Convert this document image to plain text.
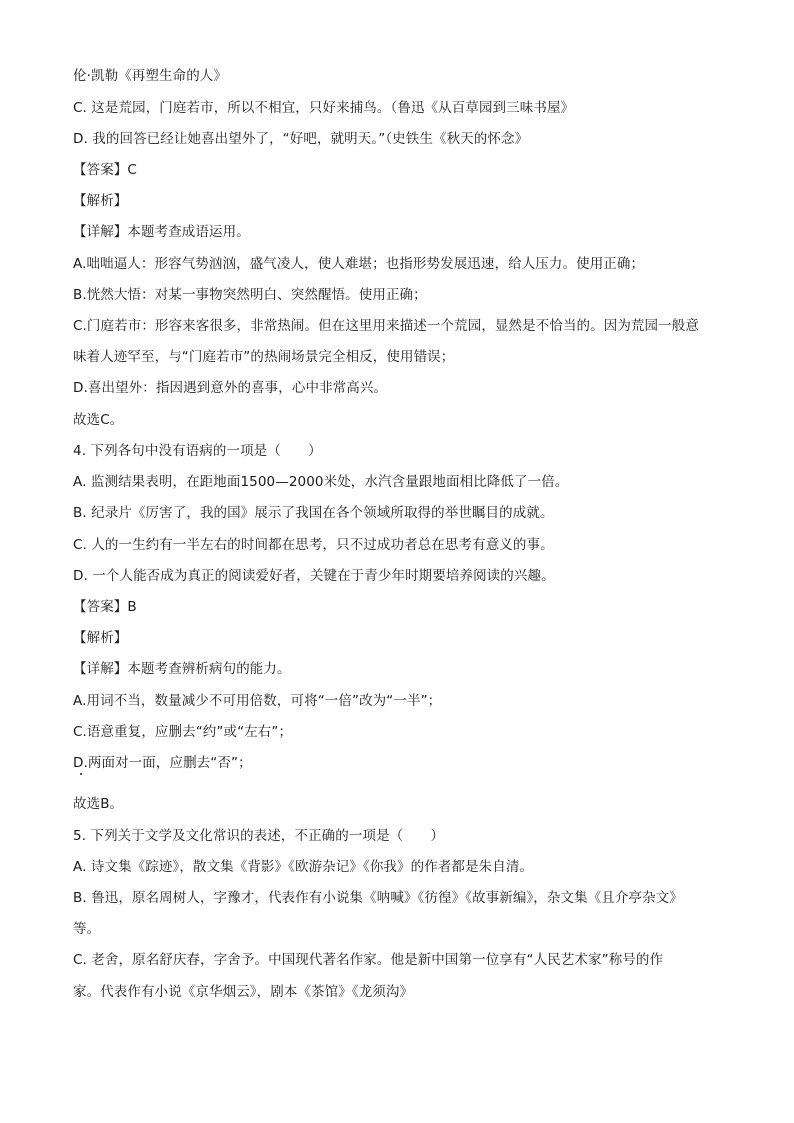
伦·凯勒《再塑生命的人》
C. 这是荒园，门庭若市，所以不相宜，只好来捕鸟。（鲁迅《从百草园到三味书屋》
D. 我的回答已经让她喜出望外了，“好吧，就明天。”（史铁生《秋天的怀念》
【答案】C
【解析】
【详解】本题考查成语运用。
A.咄咄逼人：形容气势汹汹，盛气凌人，使人难堪；也指形势发展迅速，给人压力。使用正确；
B.恍然大悟：对某一事物突然明白、突然醒悟。使用正确；
C.门庭若市：形容来客很多，非常热闹。但在这里用来描述一个荒园，显然是不恰当的。因为荒园一般意
味着人迹罕至，与“门庭若市”的热闹场景完全相反，使用错误；
D.喜出望外：指因遇到意外的喜事，心中非常高兴。
故选C。
4. 下列各句中没有语病的一项是（　　）
A. 监测结果表明，在距地面1500—2000米处，水汽含量跟地面相比降低了一倍。
B. 纪录片《厉害了，我的国》展示了我国在各个领域所取得的举世瞩目的成就。
C. 人的一生约有一半左右的时间都在思考，只不过成功者总在思考有意义的事。
D. 一个人能否成为真正的阅读爱好者，关键在于青少年时期要培养阅读的兴趣。
【答案】B
【解析】
【详解】本题考查辨析病句的能力。
A.用词不当，数量减少不可用倍数，可将“一倍”改为“一半”；
C.语意重复，应删去“约”或“左右”；
D.两面对一面，应删去“否”；
故选B。
5. 下列关于文学及文化常识的表述，不正确的一项是（　　）
A. 诗文集《踪迹》，散文集《背影》《欧游杂记》《你我》的作者都是朱自清。
B. 鲁迅，原名周树人，字豫才，代表作有小说集《呐喊》《彷徨》《故事新编》，杂文集《且介亭杂文》
等。
C. 老舍，原名舒庆春，字舍予。中国现代著名作家。他是新中国第一位享有“人民艺术家”称号的作
家。代表作有小说《京华烟云》，剧本《茶馆》《龙须沟》
